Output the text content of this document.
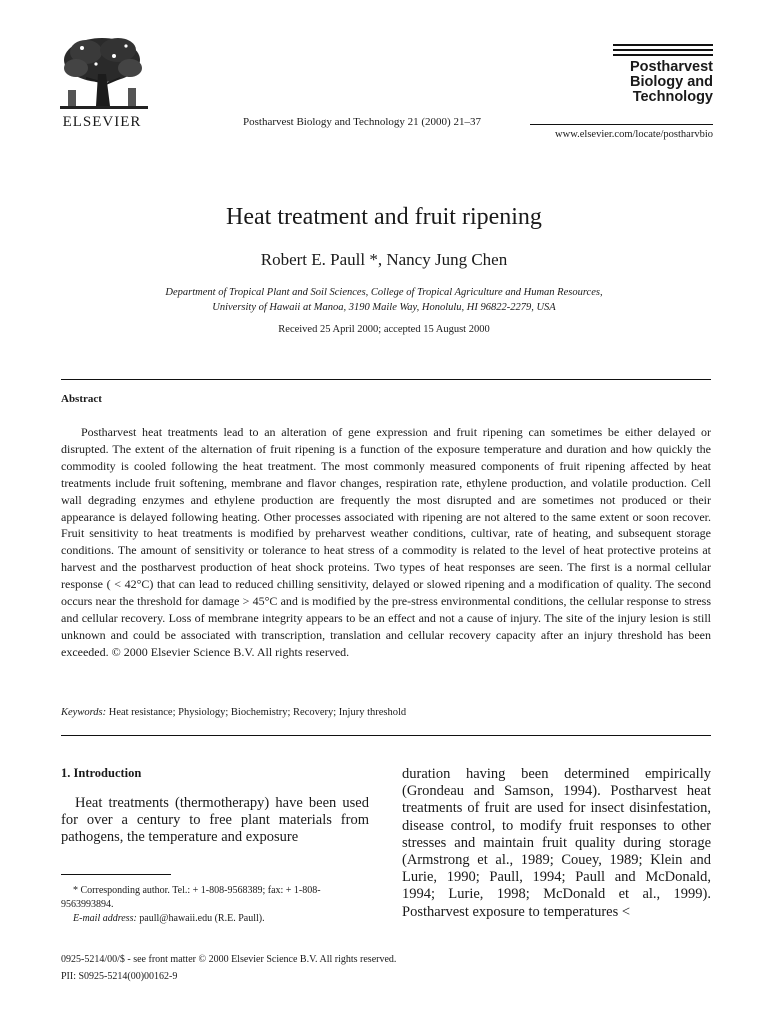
ELSEVIER	Postharvest Biology and Technology 21 (2000) 21–37
Postharvest
Biology and
Technology
www.elsevier.com/locate/postharvbio
Heat treatment and fruit ripening
Robert E. Paull *, Nancy Jung Chen
Department of Tropical Plant and Soil Sciences, College of Tropical Agriculture and Human Resources,
University of Hawaii at Manoa, 3190 Maile Way, Honolulu, HI 96822-2279, USA
Received 25 April 2000; accepted 15 August 2000
Abstract

Postharvest heat treatments lead to an alteration of gene expression and fruit ripening can sometimes be either delayed or disrupted. The extent of the alternation of fruit ripening is a function of the exposure temperature and duration and how quickly the commodity is cooled following the heat treatment. The most commonly measured components of fruit ripening affected by heat treatments include fruit softening, membrane and flavor changes, respiration rate, ethylene production, and volatile production. Cell wall degrading enzymes and ethylene production are frequently the most disrupted and are sometimes not produced or their appearance is delayed following heating. Other processes associated with ripening are not altered to the same extent or soon recover. Fruit sensitivity to heat treatments is modified by preharvest weather conditions, cultivar, rate of heating, and subsequent storage conditions. The amount of sensitivity or tolerance to heat stress of a commodity is related to the level of heat protective proteins at harvest and the postharvest production of heat shock proteins. Two types of heat responses are seen. The first is a normal cellular response ( < 42°C) that can lead to reduced chilling sensitivity, delayed or slowed ripening and a modification of quality. The second occurs near the threshold for damage > 45°C and is modified by the pre-stress environmental conditions, the cellular response to stress and cellular recovery. Loss of membrane integrity appears to be an effect and not a cause of injury. The site of the injury lesion is still unknown and could be associated with transcription, translation and cellular recovery capacity after an injury threshold has been exceeded. © 2000 Elsevier Science B.V. All rights reserved.

Keywords: Heat resistance; Physiology; Biochemistry; Recovery; Injury threshold
1. Introduction

Heat treatments (thermotherapy) have been used for over a century to free plant materials from pathogens, the temperature and exposure

duration having been determined empirically (Grondeau and Samson, 1994). Postharvest heat treatments of fruit are used for insect disinfestation, disease control, to modify fruit responses to other stresses and maintain fruit quality during storage (Armstrong et al., 1989; Couey, 1989; Klein and Lurie, 1990; Paull, 1994; Paull and McDonald, 1994; Lurie, 1998; McDonald et al., 1999). Postharvest exposure to temperatures <

* Corresponding author. Tel.: + 1-808-9568389; fax: + 1-808-9563993894.

E-mail address: paull@hawaii.edu (R.E. Paull).

0925-5214/00/$ - see front matter © 2000 Elsevier Science B.V. All rights reserved.
PII: S0925-5214(00)00162-9
